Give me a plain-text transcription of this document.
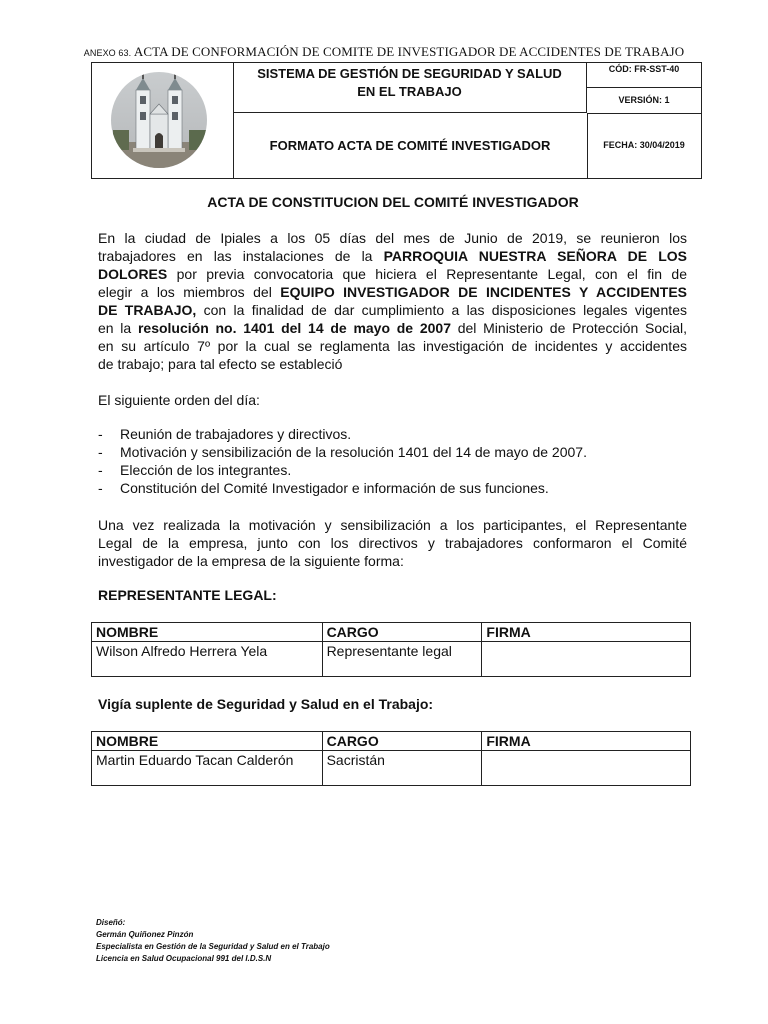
ANEXO 63. ACTA DE CONFORMACIÓN DE COMITE DE INVESTIGADOR DE ACCIDENTES DE TRABAJO
SISTEMA DE GESTIÓN DE SEGURIDAD Y SALUD
EN EL TRABAJO
FORMATO ACTA DE COMITÉ INVESTIGADOR
CÓD: FR-SST-40
VERSIÓN: 1
FECHA: 30/04/2019
ACTA DE CONSTITUCION DEL COMITÉ INVESTIGADOR
En la ciudad de Ipiales a los 05 días del mes de Junio de 2019, se reunieron los
trabajadores en las instalaciones de la PARROQUIA NUESTRA SEÑORA DE LOS
DOLORES por previa convocatoria que hiciera el Representante Legal, con el fin de
elegir a los miembros del EQUIPO INVESTIGADOR DE INCIDENTES Y ACCIDENTES
DE TRABAJO, con la finalidad de dar cumplimiento a las disposiciones legales vigentes
en la resolución no. 1401 del 14 de mayo de 2007 del Ministerio de Protección Social,
en su artículo 7º por la cual se reglamenta las investigación de incidentes y accidentes
de trabajo; para tal efecto se estableció
El siguiente orden del día:
- Reunión de trabajadores y directivos.
- Motivación y sensibilización de la resolución 1401 del 14 de mayo de 2007.
- Elección de los integrantes.
- Constitución del Comité Investigador e información de sus funciones.
Una vez realizada la motivación y sensibilización a los participantes, el Representante
Legal de la empresa, junto con los directivos y trabajadores conformaron el Comité
investigador de la empresa de la siguiente forma:
REPRESENTANTE LEGAL:
NOMBRE	CARGO	FIRMA
Wilson Alfredo Herrera Yela	Representante legal	
Vigía suplente de Seguridad y Salud en el Trabajo:
NOMBRE	CARGO	FIRMA
Martin Eduardo Tacan Calderón	Sacristán	
Diseñó:
Germán Quiñonez Pinzón
Especialista en Gestión de la Seguridad y Salud en el Trabajo
Licencia en Salud Ocupacional 991 del I.D.S.N
